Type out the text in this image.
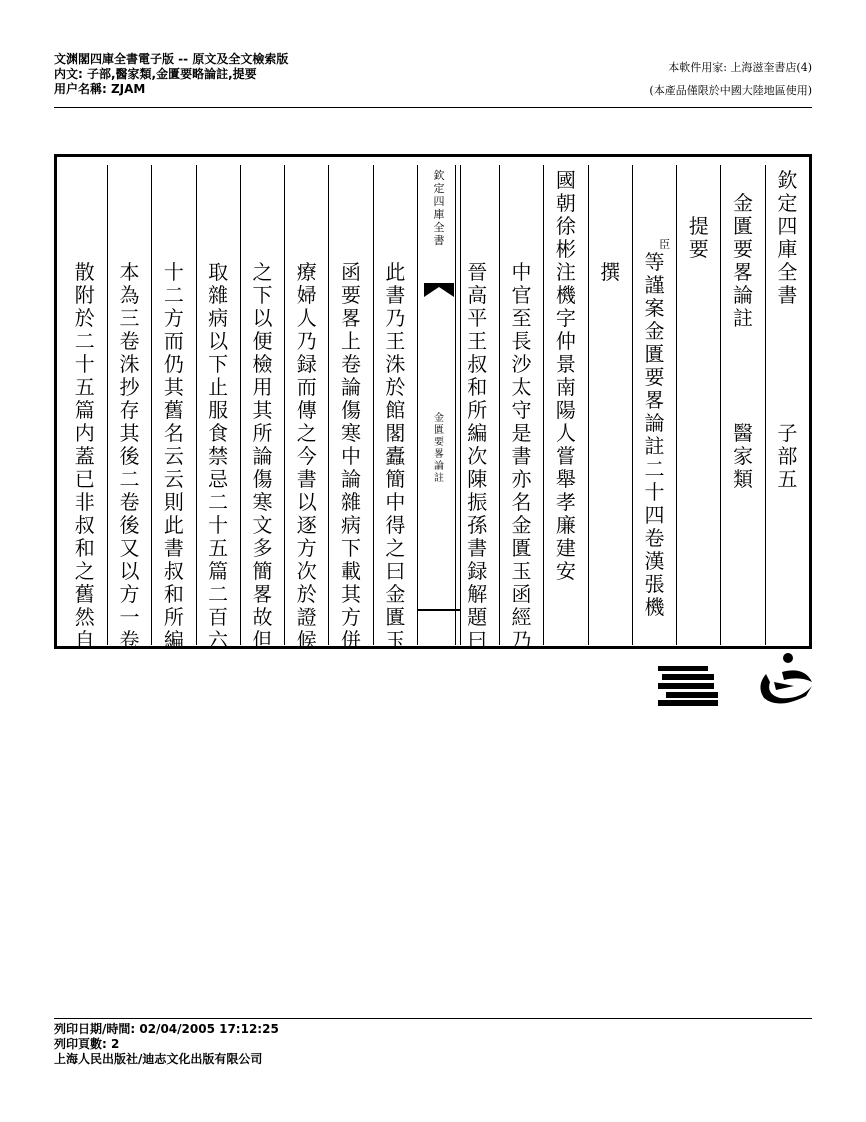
文渊閣四庫全書電子版 -- 原文及全文檢索版
内文: 子部,醫家類,金匱要略論註,提要
用户名稱: ZJAM
本軟件用家: 上海滋奎書店(4)
(本產品僅限於中國大陸地區使用)
欽
定
四
庫
全
書
金
匱
要
畧
論
註
欽
定
四
庫
全
書
子
部
五
金
匱
要
畧
論
註
醫
家
類
提
要
臣
等
謹
案
金
匱
要
畧
論
註
二
十
四
卷
漢
張
機
撰
國
朝
徐
彬
注
機
字
仲
景
南
陽
人
嘗
舉
孝
廉
建
安
中
官
至
長
沙
太
守
是
書
亦
名
金
匱
玉
函
經
乃
晉
高
平
王
叔
和
所
編
次
陳
振
孫
書
録
解
題
曰
此
書
乃
王
洙
於
館
閣
蠹
簡
中
得
之
曰
金
匱
玉
函
要
畧
上
卷
論
傷
寒
中
論
雜
病
下
載
其
方
併
療
婦
人
乃
録
而
傳
之
今
書
以
逐
方
次
於
證
候
之
下
以
便
檢
用
其
所
論
傷
寒
文
多
簡
畧
故
但
取
雜
病
以
下
止
服
食
禁
忌
二
十
五
篇
二
百
六
十
二
方
而
仍
其
舊
名
云
云
則
此
書
叔
和
所
編
本
為
三
卷
洙
抄
存
其
後
二
卷
後
又
以
方
一
卷
散
附
於
二
十
五
篇
内
蓋
已
非
叔
和
之
舊
然
自
列印日期/時間: 02/04/2005 17:12:25
列印頁數: 2
上海人民出版社/迪志文化出版有限公司
